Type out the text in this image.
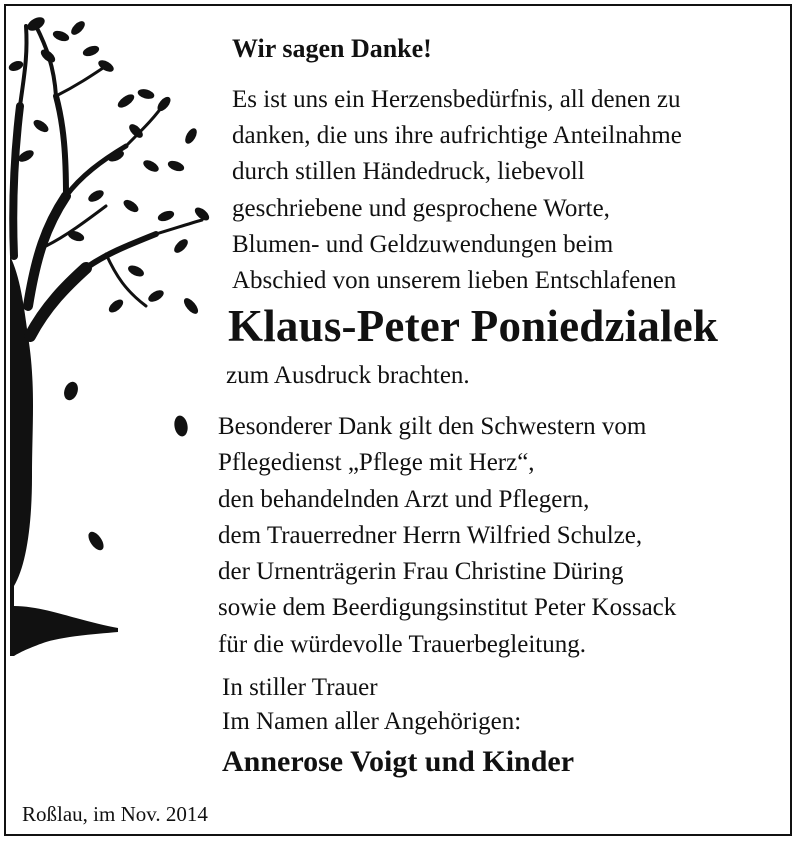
Wir sagen Danke!
Es ist uns ein Herzensbedürfnis, all denen zu
danken, die uns ihre aufrichtige Anteilnahme
durch stillen Händedruck, liebevoll
geschriebene und gesprochene Worte,
Blumen- und Geldzuwendungen beim
Abschied von unserem lieben Entschlafenen
Klaus-Peter Poniedzialek
zum Ausdruck brachten.
Besonderer Dank gilt den Schwestern vom
Pflegedienst „Pflege mit Herz“,
den behandelnden Arzt und Pflegern,
dem Trauerredner Herrn Wilfried Schulze,
der Urnenträgerin Frau Christine Düring
sowie dem Beerdigungsinstitut Peter Kossack
für die würdevolle Trauerbegleitung.
In stiller Trauer
Im Namen aller Angehörigen:
Annerose Voigt und Kinder
Roßlau, im Nov. 2014
